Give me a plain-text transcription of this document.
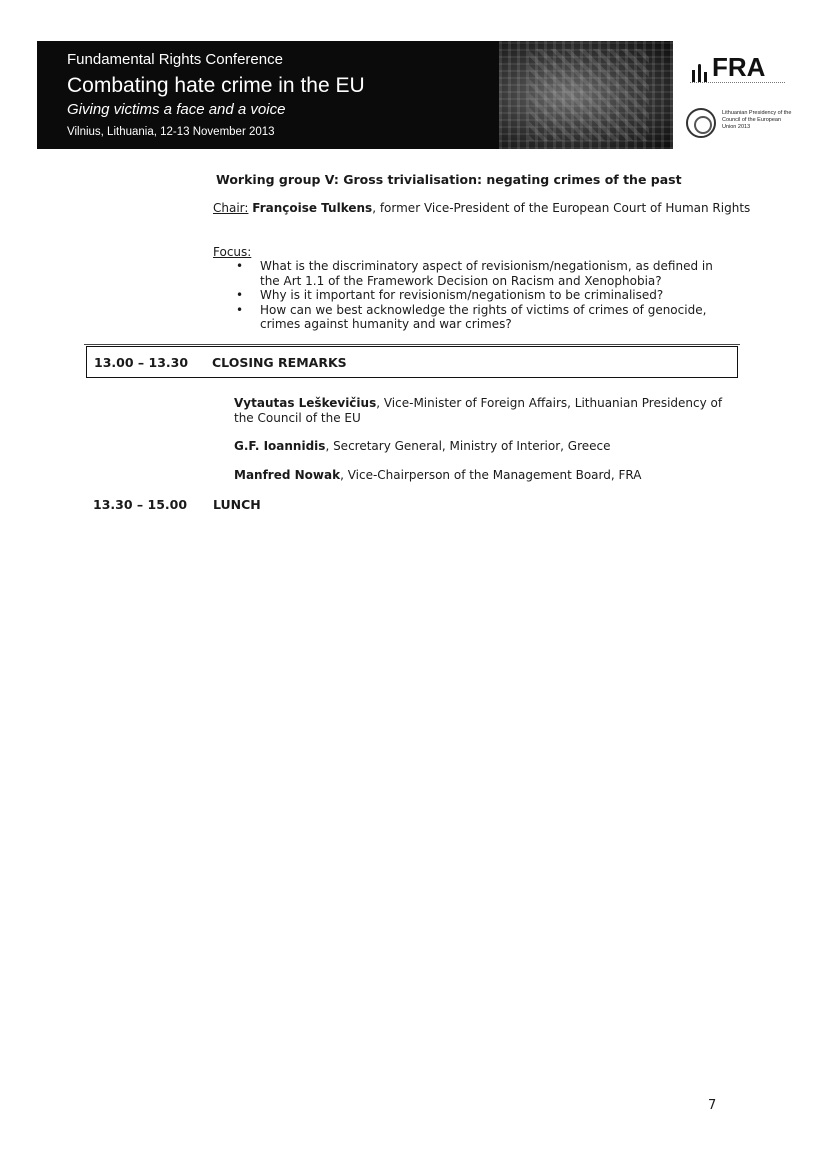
Fundamental Rights Conference
Combating hate crime in the EU
Giving victims a face and a voice
Vilnius, Lithuania, 12-13 November 2013
FRA
Lithuanian Presidency of the Council of the European Union 2013
Working group V: Gross trivialisation: negating crimes of the past
Chair: Françoise Tulkens, former Vice-President of the European Court of Human Rights
Focus:
• What is the discriminatory aspect of revisionism/negationism, as defined in the Art 1.1 of the Framework Decision on Racism and Xenophobia?
• Why is it important for revisionism/negationism to be criminalised?
• How can we best acknowledge the rights of victims of crimes of genocide, crimes against humanity and war crimes?
13.00 – 13.30 CLOSING REMARKS
Vytautas Leškevičius, Vice-Minister of Foreign Affairs, Lithuanian Presidency of the Council of the EU
G.F. Ioannidis, Secretary General, Ministry of Interior, Greece
Manfred Nowak, Vice-Chairperson of the Management Board, FRA
13.30 – 15.00 LUNCH
7
